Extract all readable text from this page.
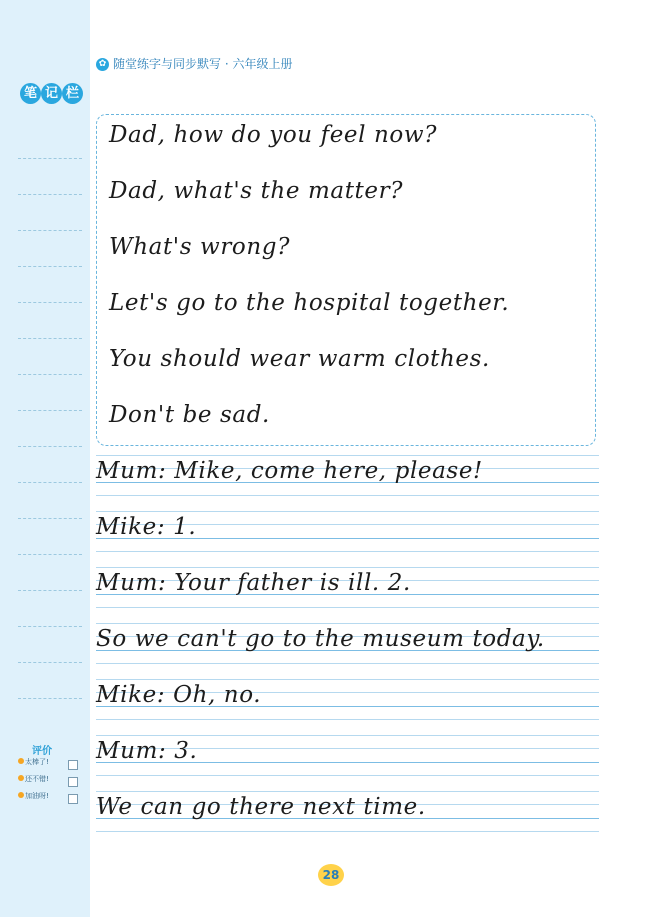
笔 记 栏
评价
太棒了!
还不错!
加油呀!
✿ 随堂练字与同步默写 · 六年级上册
Dad, how do you feel now?
Dad, what's the matter?
What's wrong?
Let's go to the hospital together.
You should wear warm clothes.
Don't be sad.
Mum: Mike, come here, please!
Mike: 1.
Mum: Your father is ill. 2.
So we can't go to the museum today.
Mike: Oh, no.
Mum: 3.
We can go there next time.
28
